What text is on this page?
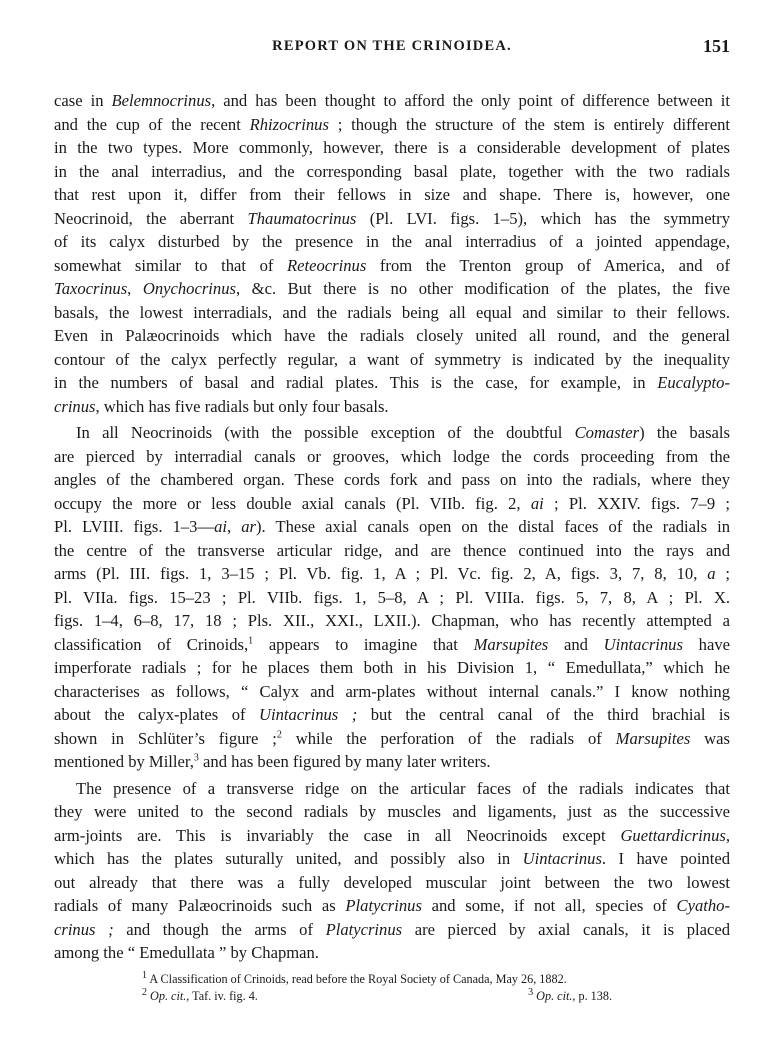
REPORT ON THE CRINOIDEA.	151
case in Belemnocrinus, and has been thought to afford the only point of difference between it
and the cup of the recent Rhizocrinus ; though the structure of the stem is entirely different
in the two types. More commonly, however, there is a considerable development of plates
in the anal interradius, and the corresponding basal plate, together with the two radials
that rest upon it, differ from their fellows in size and shape. There is, however, one
Neocrinoid, the aberrant Thaumatocrinus (Pl. LVI. figs. 1–5), which has the symmetry
of its calyx disturbed by the presence in the anal interradius of a jointed appendage,
somewhat similar to that of Reteocrinus from the Trenton group of America, and of
Taxocrinus, Onychocrinus, &c. But there is no other modification of the plates, the five
basals, the lowest interradials, and the radials being all equal and similar to their fellows.
Even in Palæocrinoids which have the radials closely united all round, and the general
contour of the calyx perfectly regular, a want of symmetry is indicated by the inequality
in the numbers of basal and radial plates. This is the case, for example, in Eucalypto-
crinus, which has five radials but only four basals.
In all Neocrinoids (with the possible exception of the doubtful Comaster) the basals
are pierced by interradial canals or grooves, which lodge the cords proceeding from the
angles of the chambered organ. These cords fork and pass on into the radials, where they
occupy the more or less double axial canals (Pl. VIIb. fig. 2, ai ; Pl. XXIV. figs. 7–9 ;
Pl. LVIII. figs. 1–3—ai, ar). These axial canals open on the distal faces of the radials in
the centre of the transverse articular ridge, and are thence continued into the rays and
arms (Pl. III. figs. 1, 3–15 ; Pl. Vb. fig. 1, A ; Pl. Vc. fig. 2, A, figs. 3, 7, 8, 10, a ;
Pl. VIIa. figs. 15–23 ; Pl. VIIb. figs. 1, 5–8, A ; Pl. VIIIa. figs. 5, 7, 8, A ; Pl. X.
figs. 1–4, 6–8, 17, 18 ; Pls. XII., XXI., LXII.). Chapman, who has recently attempted a
classification of Crinoids,$^1$ appears to imagine that Marsupites and Uintacrinus have
imperforate radials ; for he places them both in his Division 1, “ Emedullata,” which he
characterises as follows, “ Calyx and arm-plates without internal canals.” I know nothing
about the calyx-plates of Uintacrinus ; but the central canal of the third brachial is
shown in Schlüter’s figure ;$^2$ while the perforation of the radials of Marsupites was
mentioned by Miller,$^3$ and has been figured by many later writers.
The presence of a transverse ridge on the articular faces of the radials indicates that
they were united to the second radials by muscles and ligaments, just as the successive
arm-joints are. This is invariably the case in all Neocrinoids except Guettardicrinus,
which has the plates suturally united, and possibly also in Uintacrinus. I have pointed
out already that there was a fully developed muscular joint between the two lowest
radials of many Palæocrinoids such as Platycrinus and some, if not all, species of Cyatho-
crinus ; and though the arms of Platycrinus are pierced by axial canals, it is placed
among the “ Emedullata ” by Chapman.
$^1$ A Classification of Crinoids, read before the Royal Society of Canada, May 26, 1882.
$^2$ Op. cit., Taf. iv. fig. 4.	$^3$ Op. cit., p. 138.
